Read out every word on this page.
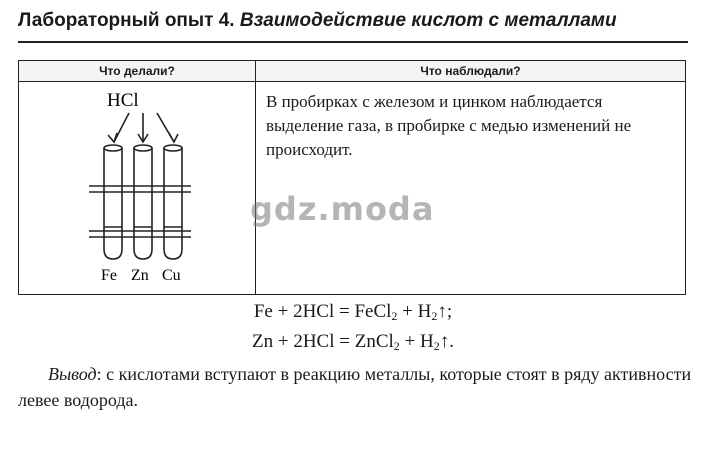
Лабораторный опыт 4. Взаимодействие кислот с металлами
Что делали?	Что наблюдали?

HCl
Fe Zn Cu	В пробирках с железом и цинком наблюдается выделение газа, в пробирке с медью изменений не происходит.
gdz.moda
Fe + 2HCl = FeCl$_2$ + $H_2↑$;
Zn + 2HCl = ZnCl$_2$ + $H_2↑$.
Вывод: с кислотами вступают в реакцию металлы, которые стоят в ряду активности левее водорода.
